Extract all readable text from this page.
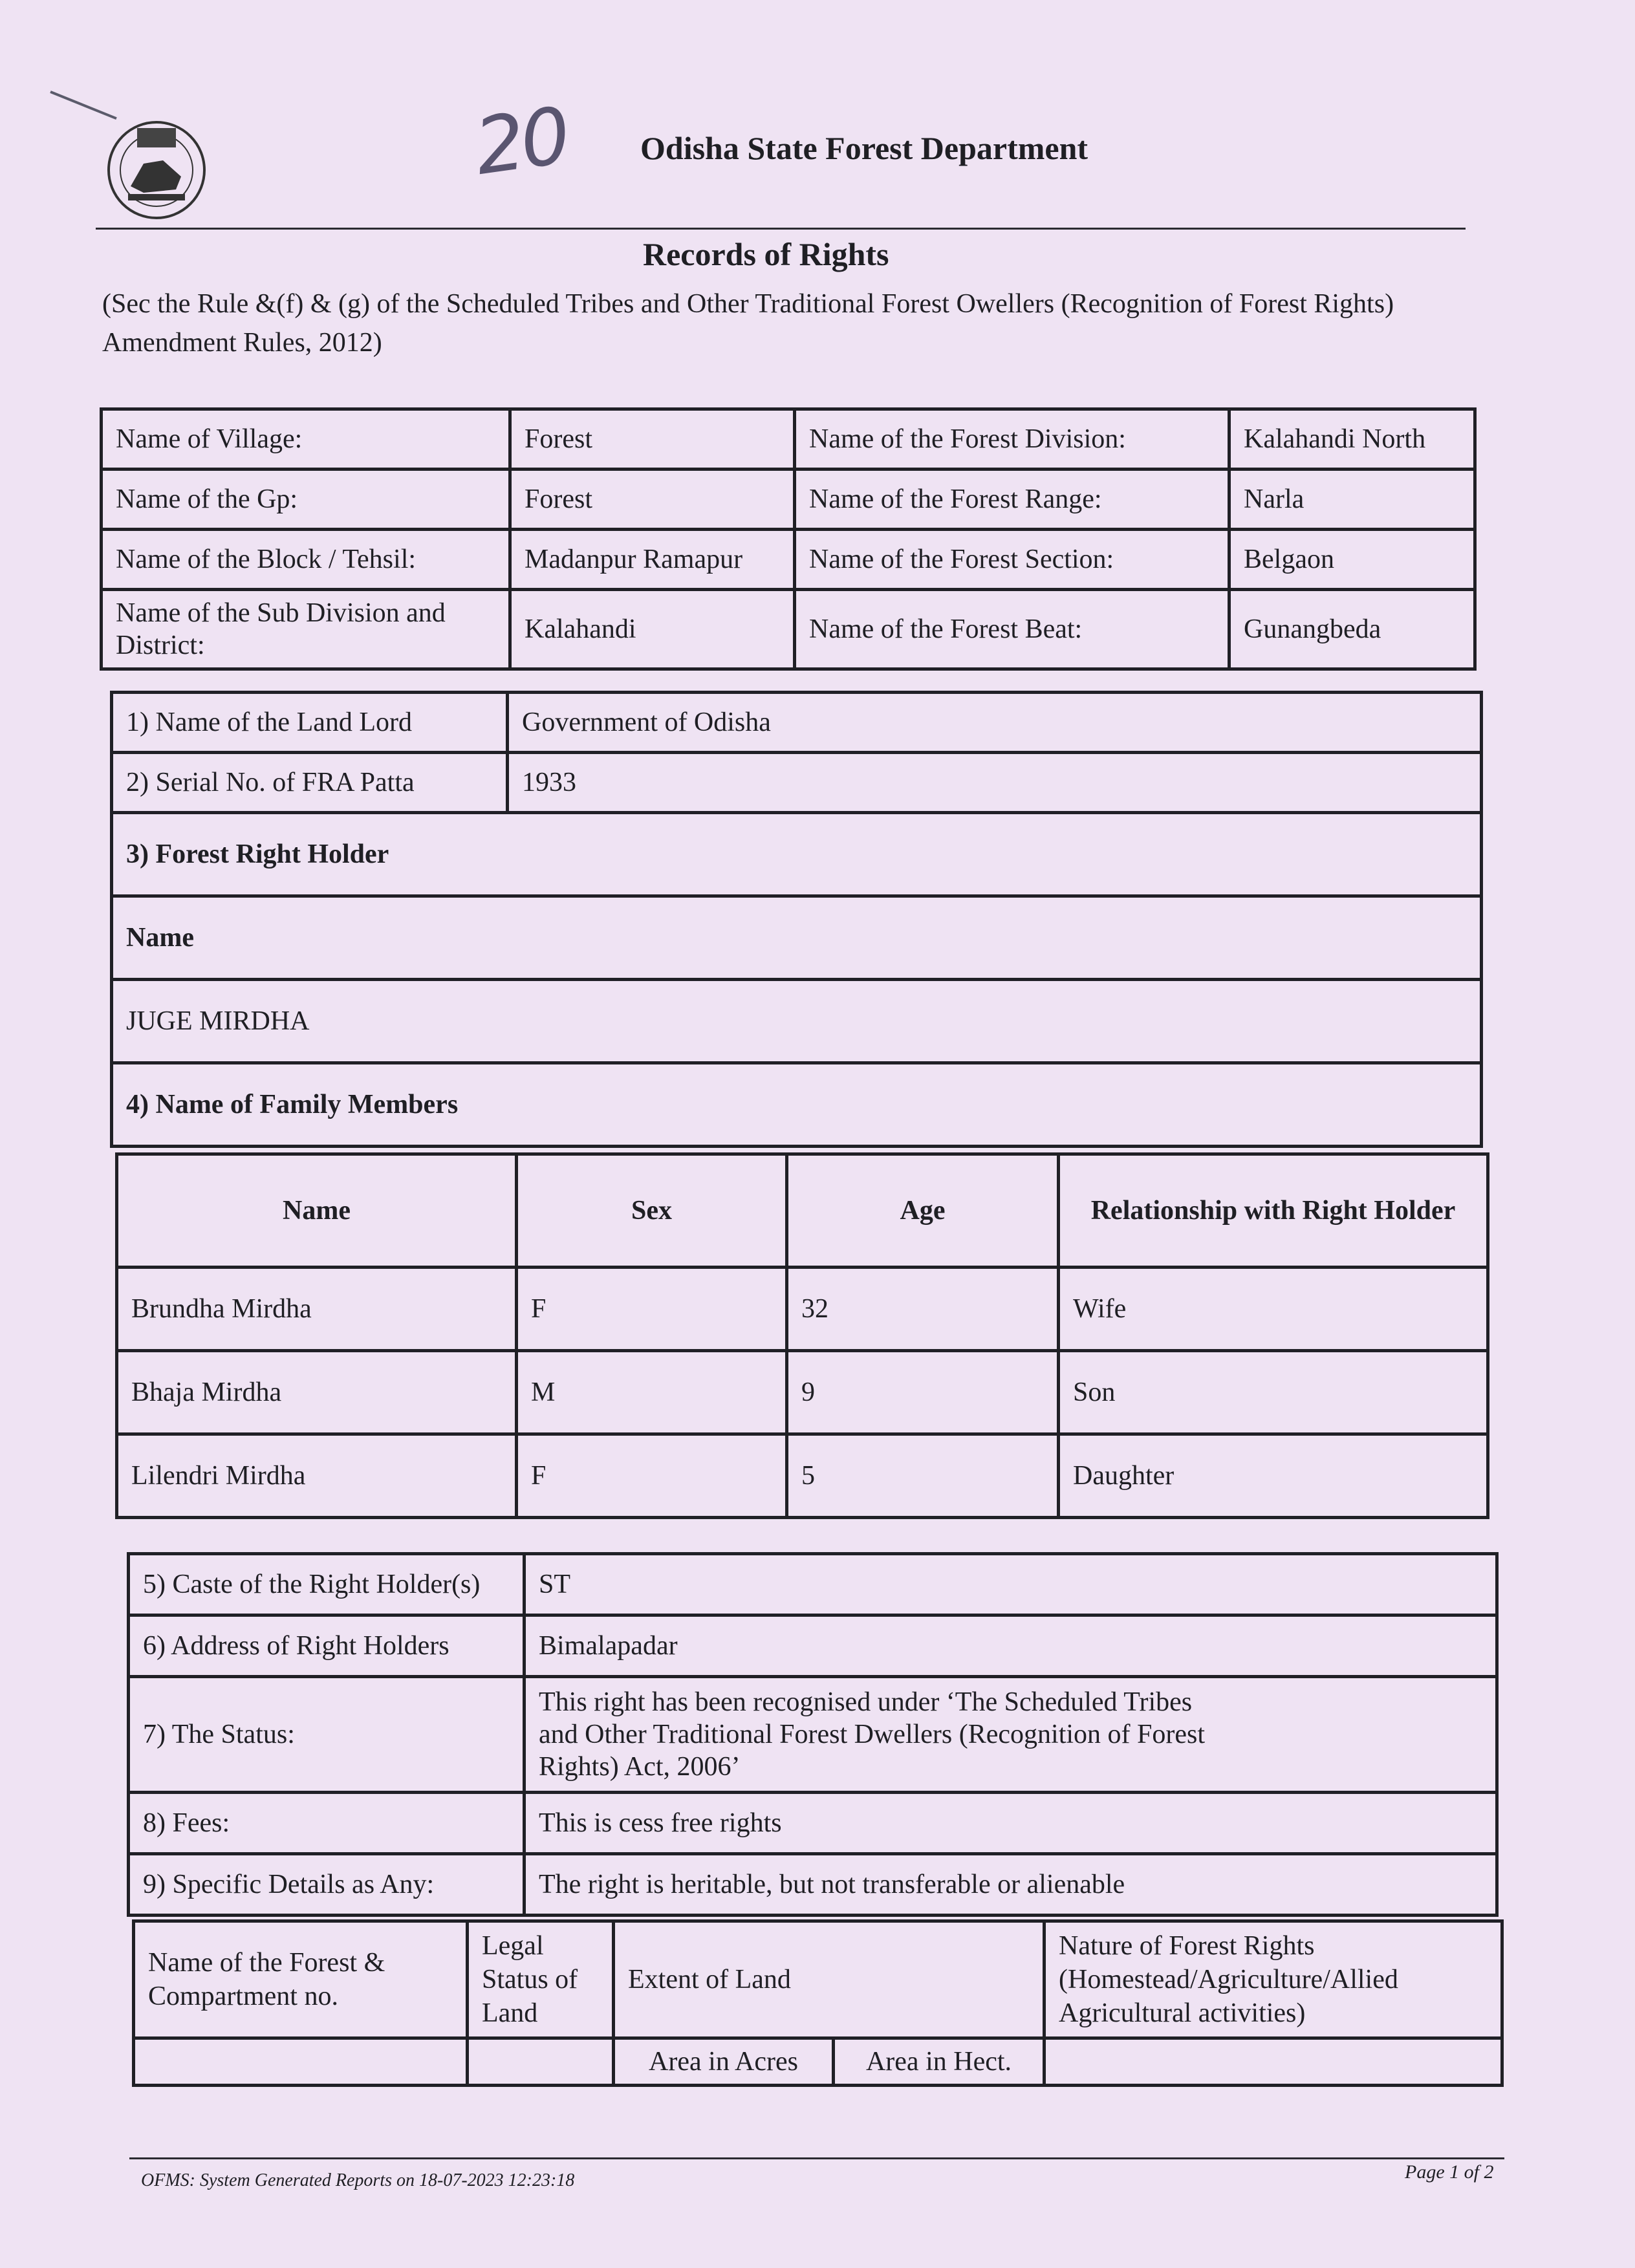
20 Odisha State Forest Department
Records of Rights
(Sec the Rule &(f) & (g) of the Scheduled Tribes and Other Traditional Forest Owellers (Recognition of Forest Rights) Amendment Rules, 2012)
Name of Village:	Forest	Name of the Forest Division:	Kalahandi North
Name of the Gp:	Forest	Name of the Forest Range:	Narla
Name of the Block / Tehsil:	Madanpur Ramapur	Name of the Forest Section:	Belgaon
Name of the Sub Division and District:	Kalahandi	Name of the Forest Beat:	Gunangbeda
1) Name of the Land Lord	Government of Odisha
2) Serial No. of FRA Patta	1933
3) Forest Right Holder	
Name	
JUGE MIRDHA	
4) Name of Family Members	
Name	Sex	Age	Relationship with Right Holder
Brundha Mirdha	F	32	Wife
Bhaja Mirdha	M	9	Son
Lilendri Mirdha	F	5	Daughter
5) Caste of the Right Holder(s)	ST
6) Address of Right Holders	Bimalapadar
7) The Status:	This right has been recognised under ‘The Scheduled Tribes and Other Traditional Forest Dwellers (Recognition of Forest Rights) Act, 2006’
8) Fees:	This is cess free rights
9) Specific Details as Any:	The right is heritable, but not transferable or alienable
Name of the Forest & Compartment no.	Legal Status of Land	Extent of Land		Nature of Forest Rights (Homestead/Agriculture/Allied Agricultural activities)
		Area in Acres	Area in Hect.	
OFMS: System Generated Reports on 18-07-2023 12:23:18	Page 1 of 2
